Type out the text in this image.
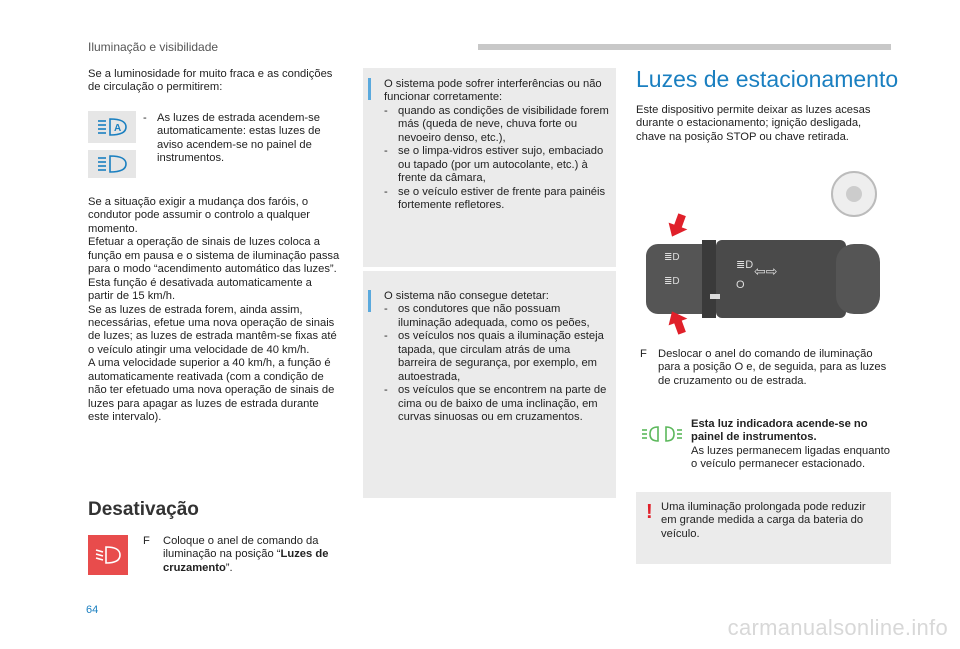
Iluminação e visibilidade
Se a luminosidade for muito fraca e as condições de circulação o permitirem:
A
- As luzes de estrada acendem-se automaticamente: estas luzes de aviso acendem-se no painel de instrumentos.
Se a situação exigir a mudança dos faróis, o condutor pode assumir o controlo a qualquer momento.
Efetuar a operação de sinais de luzes coloca a função em pausa e o sistema de iluminação passa para o modo “acendimento automático das luzes”.
Esta função é desativada automaticamente a partir de 15 km/h.
Se as luzes de estrada forem, ainda assim, necessárias, efetue uma nova operação de sinais de luzes; as luzes de estrada mantêm-se fixas até o veículo atingir uma velocidade de 40 km/h.
A uma velocidade superior a 40 km/h, a função é automaticamente reativada (com a condição de não ter efetuado uma nova operação de sinais de luzes para apagar as luzes de estrada durante este intervalo).
Desativação
F	Coloque o anel de comando da iluminação na posição “Luzes de cruzamento”.

O sistema pode sofrer interferências ou não funcionar corretamente:

- quando as condições de visibilidade forem más (queda de neve, chuva forte ou nevoeiro denso, etc.),
- se o limpa-vidros estiver sujo, embaciado ou tapado (por um autocolante, etc.) à frente da câmara,
- se o veículo estiver de frente para painéis fortemente refletores.

O sistema não consegue detetar:

- os condutores que não possuam iluminação adequada, como os peões,
- os veículos nos quais a iluminação esteja tapada, que circulam atrás de uma barreira de segurança, por exemplo, em autoestrada,
- os veículos que se encontrem na parte de cima ou de baixo de uma inclinação, em curvas sinuosas ou em cruzamentos.
Luzes de estacionamento
Este dispositivo permite deixar as luzes acesas durante o estacionamento; ignição desligada, chave na posição STOP ou chave retirada.
≣D ⇦⇨
O
≣D
≣D
F Deslocar o anel do comando de iluminação para a posição O e, de seguida, para as luzes de cruzamento ou de estrada.

Esta luz indicadora acende-se no painel de instrumentos.

As luzes permanecem ligadas enquanto o veículo permanecer estacionado.

! Uma iluminação prolongada pode reduzir em grande medida a carga da bateria do veículo.
64
carmanualsonline.info
